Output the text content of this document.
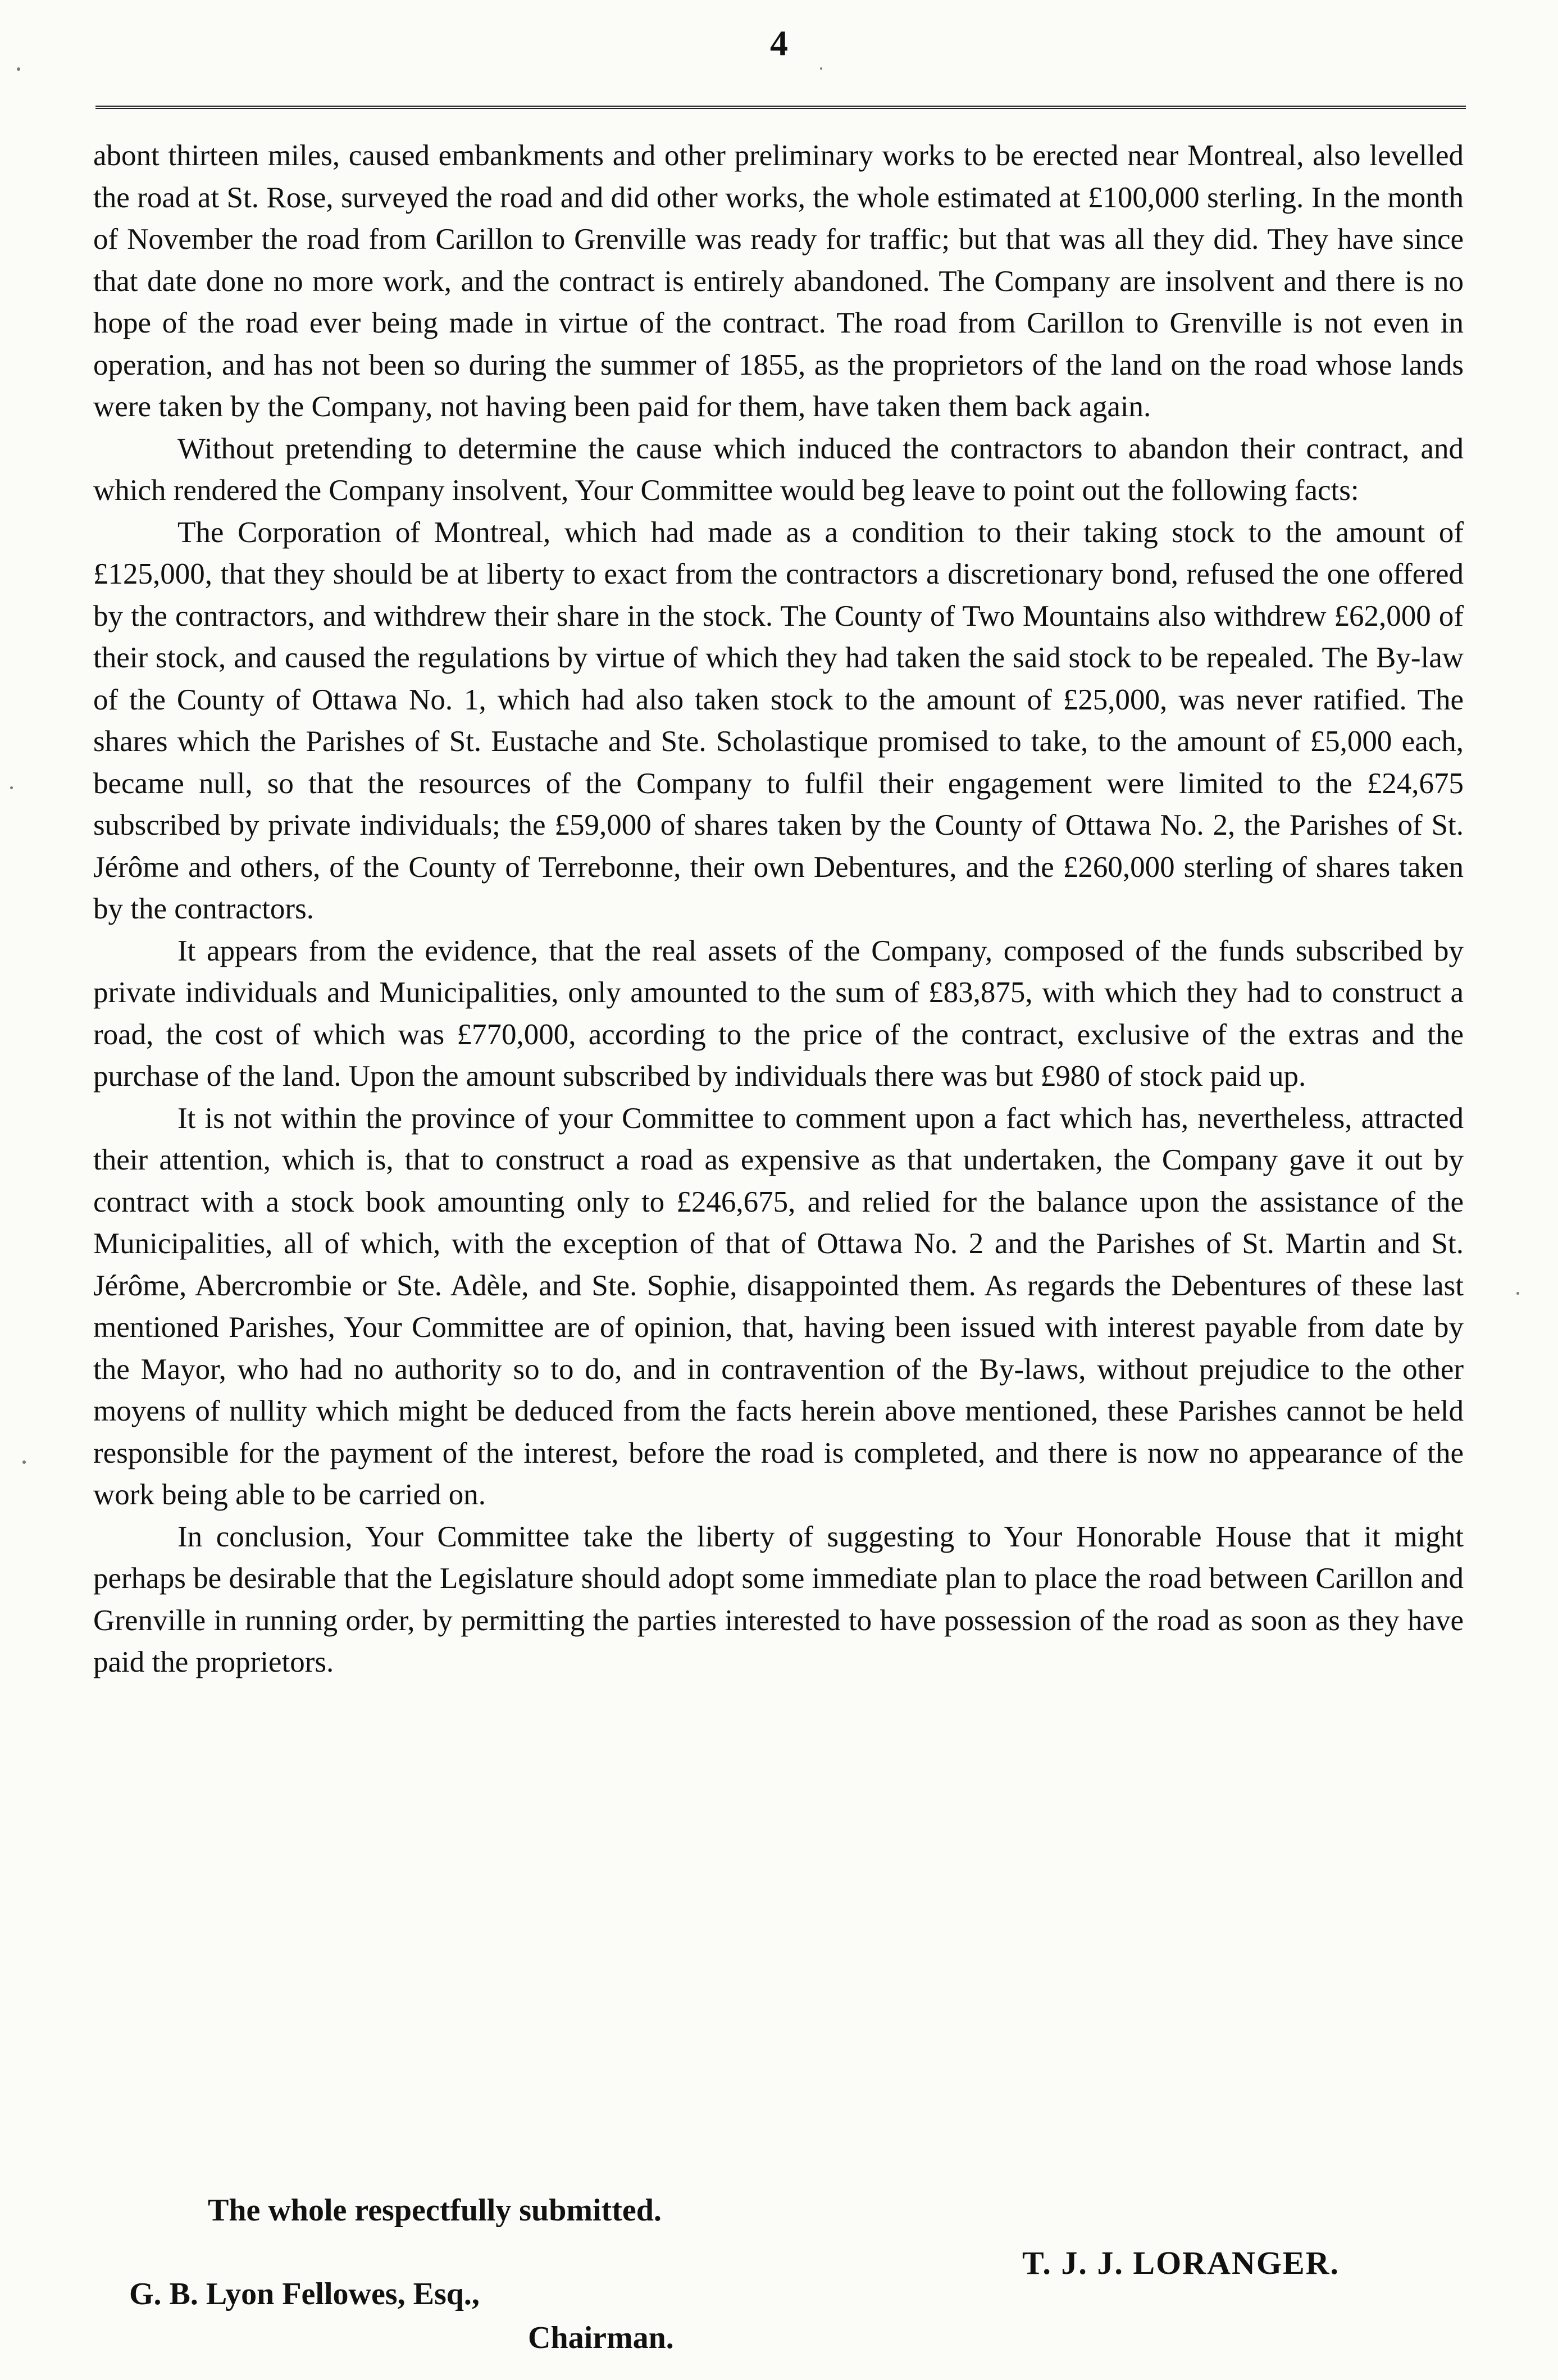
4

abont thirteen miles, caused embankments and other preliminary works to be erected near Montreal, also levelled the road at St. Rose, surveyed the road and did other works, the whole estimated at £100,000 sterling. In the month of November the road from Carillon to Grenville was ready for traffic; but that was all they did. They have since that date done no more work, and the contract is entirely abandoned. The Company are insolvent and there is no hope of the road ever being made in virtue of the contract. The road from Carillon to Grenville is not even in operation, and has not been so during the summer of 1855, as the proprietors of the land on the road whose lands were taken by the Company, not having been paid for them, have taken them back again.

Without pretending to determine the cause which induced the contractors to abandon their contract, and which rendered the Company insolvent, Your Committee would beg leave to point out the following facts:

The Corporation of Montreal, which had made as a condition to their taking stock to the amount of £125,000, that they should be at liberty to exact from the contractors a discretionary bond, refused the one offered by the contractors, and withdrew their share in the stock. The County of Two Mountains also withdrew £62,000 of their stock, and caused the regulations by virtue of which they had taken the said stock to be repealed. The By-law of the County of Ottawa No. 1, which had also taken stock to the amount of £25,000, was never ratified. The shares which the Parishes of St. Eustache and Ste. Scholastique promised to take, to the amount of £5,000 each, became null, so that the resources of the Company to fulfil their engagement were limited to the £24,675 subscribed by private individuals; the £59,000 of shares taken by the County of Ottawa No. 2, the Parishes of St. Jérôme and others, of the County of Terrebonne, their own Debentures, and the £260,000 sterling of shares taken by the contractors.

It appears from the evidence, that the real assets of the Company, composed of the funds subscribed by private individuals and Municipalities, only amounted to the sum of £83,875, with which they had to construct a road, the cost of which was £770,000, according to the price of the contract, exclusive of the extras and the purchase of the land. Upon the amount subscribed by individuals there was but £980 of stock paid up.

It is not within the province of your Committee to comment upon a fact which has, nevertheless, attracted their attention, which is, that to construct a road as expensive as that undertaken, the Company gave it out by contract with a stock book amounting only to £246,675, and relied for the balance upon the assistance of the Municipalities, all of which, with the exception of that of Ottawa No. 2 and the Parishes of St. Martin and St. Jérôme, Abercrombie or Ste. Adèle, and Ste. Sophie, disappointed them. As regards the Debentures of these last mentioned Parishes, Your Committee are of opinion, that, having been issued with interest payable from date by the Mayor, who had no authority so to do, and in contravention of the By-laws, without prejudice to the other moyens of nullity which might be deduced from the facts herein above mentioned, these Parishes cannot be held responsible for the payment of the interest, before the road is completed, and there is now no appearance of the work being able to be carried on.

In conclusion, Your Committee take the liberty of suggesting to Your Honorable House that it might perhaps be desirable that the Legislature should adopt some immediate plan to place the road between Carillon and Grenville in running order, by permitting the parties interested to have possession of the road as soon as they have paid the proprietors.

The whole respectfully submitted.

T. J. J. LORANGER.

G. B. Lyon Fellowes, Esq.,

Chairman.
